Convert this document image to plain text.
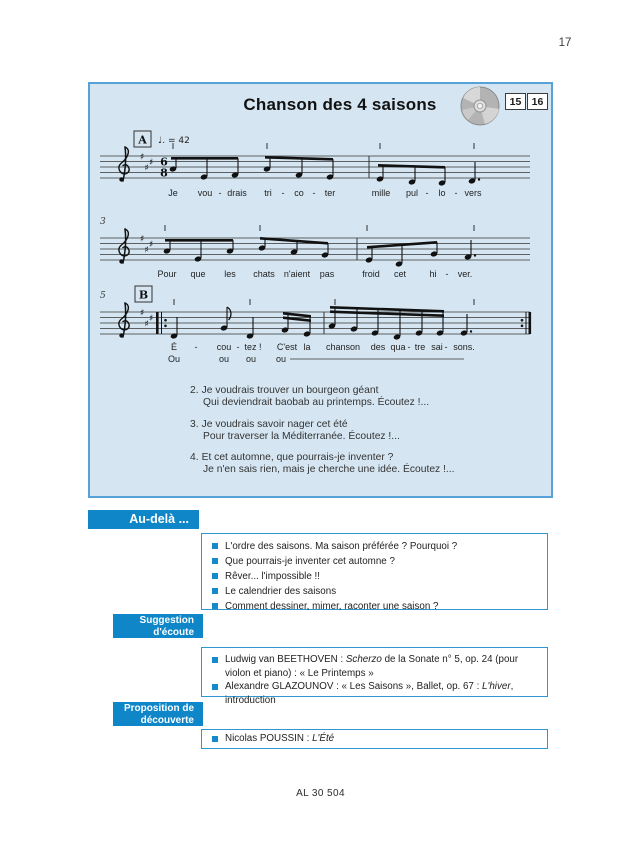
17
Chanson des 4 saisons	15 16
♯
♯
♯ 6
8
A ♩. = 42
Je vou - drais tri - co - ter	mille pul - lo - vers
♯
♯
♯
3
Pour que les chats n'aient pas	froid cet	hi - ver.
♯
♯
♯
B
5
É - cou - tez ! C'est la chanson des qua - tre sai - sons.
Ou	ou ou ou
2. Je voudrais trouver un bourgeon géant
Qui deviendrait baobab au printemps. Écoutez !...
3. Je voudrais savoir nager cet été
Pour traverser la Méditerranée. Écoutez !...
4. Et cet automne, que pourrais-je inventer ?
Je n'en sais rien, mais je cherche une idée. Écoutez !...
Au-delà ...
L'ordre des saisons. Ma saison préférée ? Pourquoi ?
Que pourrais-je inventer cet automne ?
Rêver... l'impossible !!
Le calendrier des saisons
Comment dessiner, mimer, raconter une saison ?
Suggestion
d'écoute
Ludwig van BEETHOVEN : Scherzo de la Sonate n° 5, op. 24 (pour violon et piano) : « Le Printemps »
Alexandre GLAZOUNOV : « Les Saisons », Ballet, op. 67 : L'hiver, introduction
Proposition de
découverte
Nicolas POUSSIN : L'Été
AL 30 504
